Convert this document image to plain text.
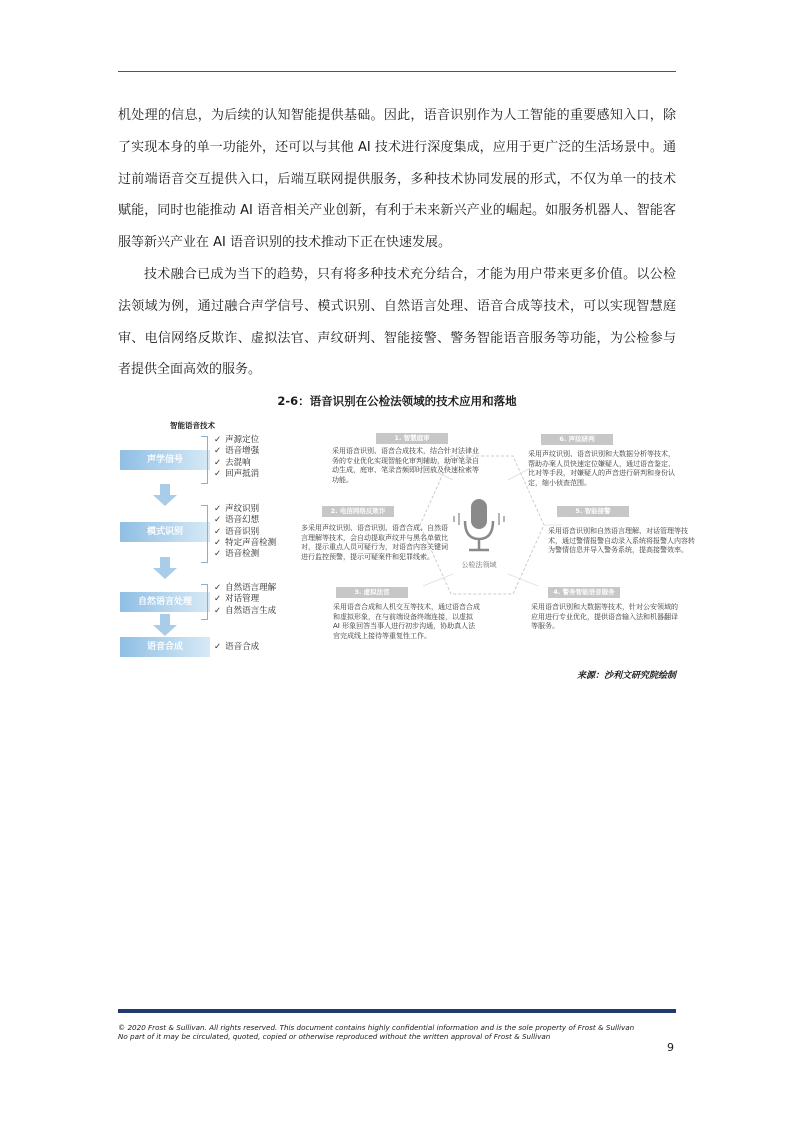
机处理的信息，为后续的认知智能提供基础。因此，语音识别作为人工智能的重要感知入口，除了实现本身的单一功能外，还可以与其他 AI 技术进行深度集成，应用于更广泛的生活场景中。通过前端语音交互提供入口，后端互联网提供服务，多种技术协同发展的形式，不仅为单一的技术赋能，同时也能推动 AI 语音相关产业创新，有利于未来新兴产业的崛起。如服务机器人、智能客服等新兴产业在 AI 语音识别的技术推动下正在快速发展。

技术融合已成为当下的趋势，只有将多种技术充分结合，才能为用户带来更多价值。以公检法领域为例，通过融合声学信号、模式识别、自然语言处理、语音合成等技术，可以实现智慧庭审、电信网络反欺诈、虚拟法官、声纹研判、智能接警、警务智能语音服务等功能，为公检参与者提供全面高效的服务。

2-6：语音识别在公检法领域的技术应用和落地
智能语音技术
声学信号
✓ 声源定位
✓ 语音增强
✓ 去混响
✓ 回声抵消
模式识别
✓ 声纹识别
✓ 语音幻想
✓ 语音识别
✓ 特定声音检测
✓ 语音检测
自然语言处理
✓ 自然语言理解
✓ 对话管理
✓ 自然语言生成
语音合成
✓	语音合成
公检法领域
1. 智慧庭审

采用语音识别、语音合成技术，结合针对法律业务的专业优化实现智能化审判辅助，助审笔录自动生成，庭审、笔录音频即时回放及快速检索等功能。

2. 电信网络反欺诈

多采用声纹识别、语音识别、语音合成、自然语言理解等技术，会自动提取声纹并与黑名单做比对，提示重点人员可疑行为，对语音内容关键词进行监控预警，提示可疑案件和犯罪线索。

3. 虚拟法官

采用语音合成和人机交互等技术，通过语音合成和虚拟形象，在与前端设备终端连接，以虚拟 AI 形象回答当事人进行初步沟通，协助真人法官完成线上接待等重复性工作。

6. 声纹研判

采用声纹识别、语音识别和大数据分析等技术，帮助办案人员快速定位嫌疑人，通过语音鉴定、比对等手段，对嫌疑人的声音进行研判和身份认定，缩小侦查范围。

5. 智能接警

采用语音识别和自然语言理解、对话管理等技术，通过警情报警自动录入系统将报警人内容转为警情信息并导入警务系统，提高接警效率。

4. 警务智能语音服务

采用语音识别和大数据等技术，针对公安领域的应用进行专业优化，提供语音输入法和机器翻译等服务。

来源：沙利文研究院绘制
© 2020 Frost & Sullivan. All rights reserved. This document contains highly confidential information and is the sole property of Frost & Sullivan
No part of it may be circulated, quoted, copied or otherwise reproduced without the written approval of Frost & Sullivan
9
